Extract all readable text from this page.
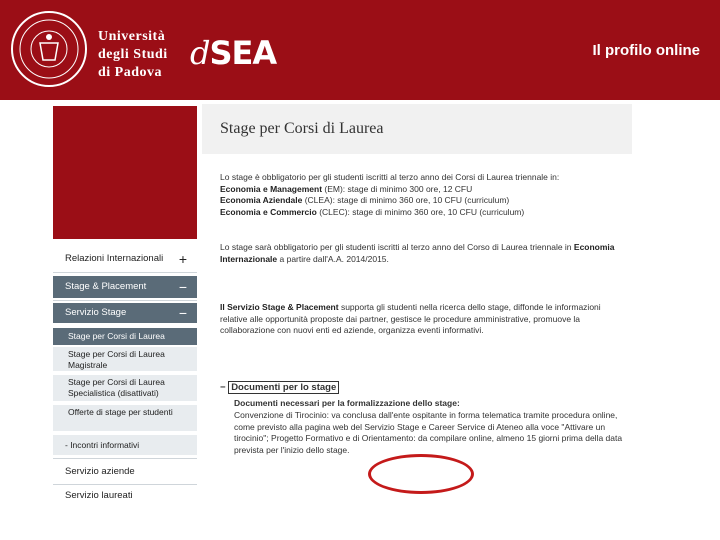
Università
degli Studi
di Padova
dSEA	Il profilo online
Relazioni Internazionali +
Stage & Placement −
Servizio Stage	−
Stage per Corsi di Laurea
Stage per Corsi di Laurea Magistrale
Stage per Corsi di Laurea Specialistica (disattivati)
Offerte di stage per studenti
- Incontri informativi
Servizio aziende
Servizio laureati
Stage per Corsi di Laurea
Lo stage è obbligatorio per gli studenti iscritti al terzo anno dei Corsi di Laurea triennale in:
Economia e Management (EM): stage di minimo 300 ore, 12 CFU
Economia Aziendale (CLEA): stage di minimo 360 ore, 10 CFU (curriculum)
Economia e Commercio (CLEC): stage di minimo 360 ore, 10 CFU (curriculum)
Lo stage sarà obbligatorio per gli studenti iscritti al terzo anno del Corso di Laurea triennale in Economia Internazionale a partire dall'A.A. 2014/2015.
Il Servizio Stage & Placement supporta gli studenti nella ricerca dello stage, diffonde le informazioni relative alle opportunità proposte dai partner, gestisce le procedure amministrative, promuove la collaborazione con nuovi enti ed aziende, organizza eventi informativi.
− Documenti per lo stage
Documenti necessari per la formalizzazione dello stage:
Convenzione di Tirocinio: va conclusa dall'ente ospitante in forma telematica tramite procedura online, come previsto alla pagina web del Servizio Stage e Career Service di Ateneo alla voce "Attivare un tirocinio"; Progetto Formativo e di Orientamento: da compilare online, almeno 15 giorni prima della data prevista per l'inizio dello stage.
